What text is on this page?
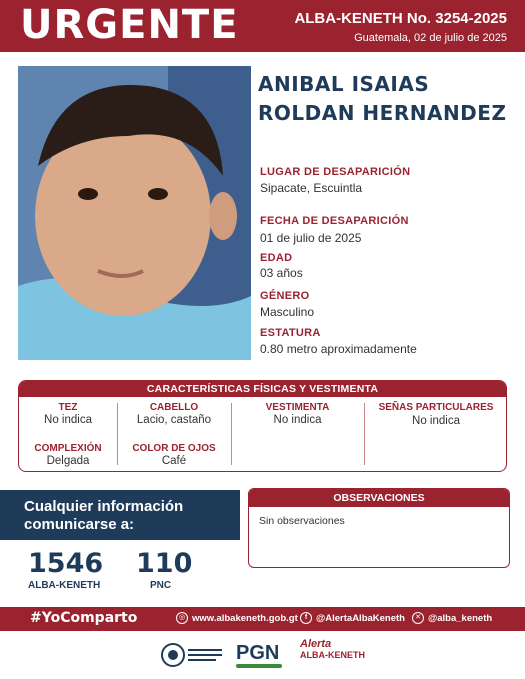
URGENTE	ALBA-KENETH No. 3254-2025
Guatemala, 02 de julio de 2025
ANIBAL ISAIAS
ROLDAN HERNANDEZ
LUGAR DE DESAPARICIÓN
Sipacate, Escuintla
FECHA DE DESAPARICIÓN
01 de julio de 2025
EDAD
03 años
GÉNERO
Masculino
ESTATURA
0.80 metro aproximadamente
CARACTERÍSTICAS FÍSICAS Y VESTIMENTA
TEZ
No indica
CABELLO
Lacio, castaño
VESTIMENTA
No indica
SEÑAS PARTICULARES
No indica
COMPLEXIÓN
Delgada
COLOR DE OJOS
Café
Cualquier información
comunicarse a:
1546
ALBA-KENETH
110
PNC
OBSERVACIONES
Sin observaciones
#YoComparto	◎ www.albakeneth.gob.gt	f @AlertaAlbaKeneth	✕ @alba_keneth
PGN Alerta
ALBA-KENETH
